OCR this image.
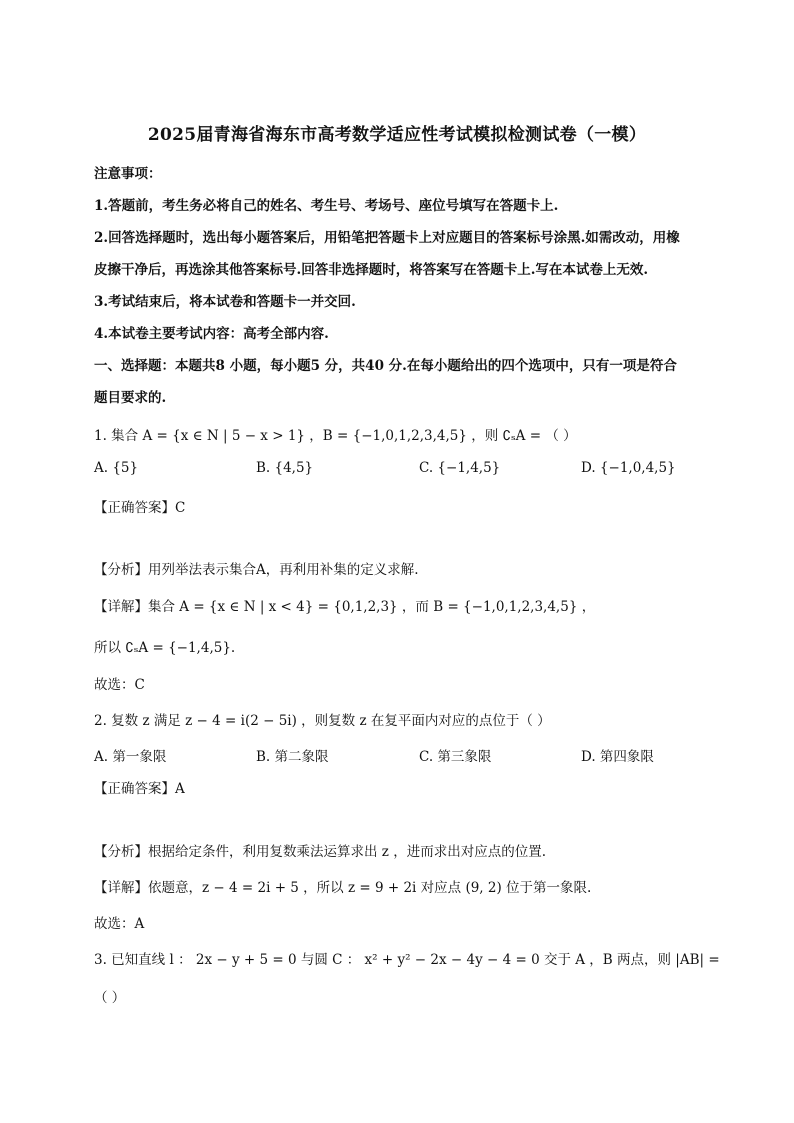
2025届青海省海东市高考数学适应性考试模拟检测试卷（一模）
注意事项：
1.答题前，考生务必将自己的姓名、考生号、考场号、座位号填写在答题卡上.
2.回答选择题时，选出每小题答案后，用铅笔把答题卡上对应题目的答案标号涂黑.如需改动，用橡
皮擦干净后，再选涂其他答案标号.回答非选择题时，将答案写在答题卡上.写在本试卷上无效.
3.考试结束后，将本试卷和答题卡一并交回.
4.本试卷主要考试内容：高考全部内容.
一、选择题：本题共8 小题，每小题5 分，共40 分.在每小题给出的四个选项中，只有一项是符合
题目要求的.
1. 集合 A = {x ∈ N | 5 − x > 1} ，B = {−1,0,1,2,3,4,5} ，则 ∁ₛA = （ ）
A. {5}	B. {4,5}	C. {−1,4,5}	D. {−1,0,4,5}
【正确答案】C
【分析】用列举法表示集合A，再利用补集的定义求解.
【详解】集合 A = {x ∈ N | x < 4} = {0,1,2,3} ，而 B = {−1,0,1,2,3,4,5} ，
所以 ∁ₛA = {−1,4,5}.
故选：C
2. 复数 z 满足 z − 4 = i(2 − 5i) ，则复数 z 在复平面内对应的点位于（ ）
A. 第一象限	B. 第二象限	C. 第三象限	D. 第四象限
【正确答案】A
【分析】根据给定条件，利用复数乘法运算求出 z ，进而求出对应点的位置.
【详解】依题意，z − 4 = 2i + 5 ，所以 z = 9 + 2i 对应点 (9, 2) 位于第一象限.
故选：A
3. 已知直线 l ： 2x − y + 5 = 0 与圆 C ： x² + y² − 2x − 4y − 4 = 0 交于 A ，B 两点，则 |AB| =
（ ）
